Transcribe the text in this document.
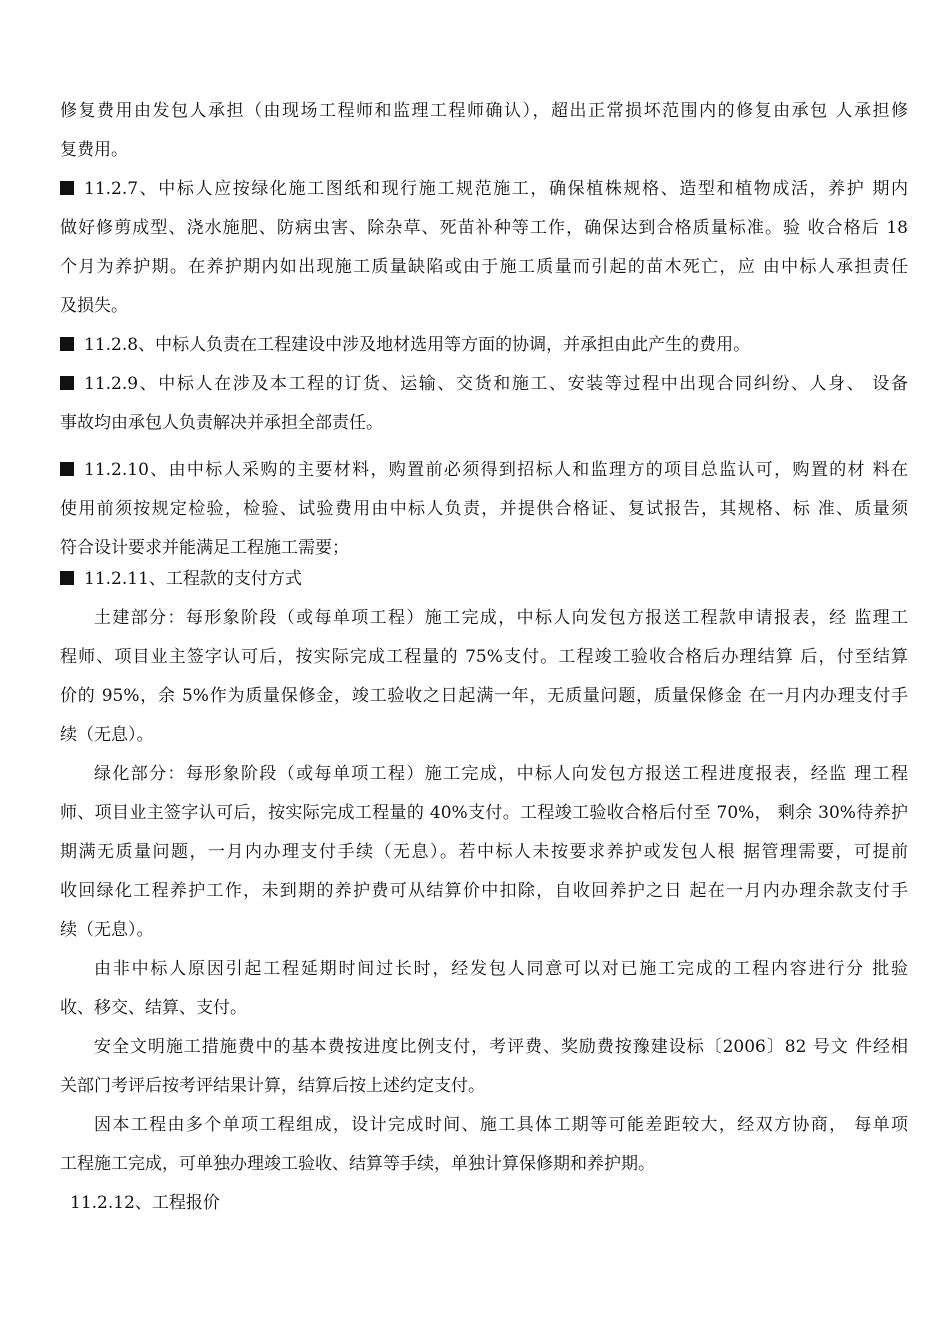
修复费用由发包人承担（由现场工程师和监理工程师确认），超出正常损坏范围内的修复由承包 人承担修
复费用。
11.2.7、中标人应按绿化施工图纸和现行施工规范施工，确保植株规格、造型和植物成活，养护 期内
做好修剪成型、浇水施肥、防病虫害、除杂草、死苗补种等工作，确保达到合格质量标准。验 收合格后 18
个月为养护期。在养护期内如出现施工质量缺陷或由于施工质量而引起的苗木死亡，应 由中标人承担责任
及损失。
11.2.8、中标人负责在工程建设中涉及地材选用等方面的协调，并承担由此产生的费用。
11.2.9、中标人在涉及本工程的订货、运输、交货和施工、安装等过程中出现合同纠纷、人身、 设备
事故均由承包人负责解决并承担全部责任。
11.2.10、由中标人采购的主要材料，购置前必须得到招标人和监理方的项目总监认可，购置的材 料在
使用前须按规定检验，检验、试验费用由中标人负责，并提供合格证、复试报告，其规格、标 准、质量须
符合设计要求并能满足工程施工需要；
11.2.11、工程款的支付方式
土建部分：每形象阶段（或每单项工程）施工完成，中标人向发包方报送工程款申请报表，经 监理工
程师、项目业主签字认可后，按实际完成工程量的 75%支付。工程竣工验收合格后办理结算 后，付至结算
价的 95%，余 5%作为质量保修金，竣工验收之日起满一年，无质量问题，质量保修金 在一月内办理支付手
续（无息）。
绿化部分：每形象阶段（或每单项工程）施工完成，中标人向发包方报送工程进度报表，经监 理工程
师、项目业主签字认可后，按实际完成工程量的 40%支付。工程竣工验收合格后付至 70%， 剩余 30%待养护
期满无质量问题，一月内办理支付手续（无息）。若中标人未按要求养护或发包人根 据管理需要，可提前
收回绿化工程养护工作，未到期的养护费可从结算价中扣除，自收回养护之日 起在一月内办理余款支付手
续（无息）。
由非中标人原因引起工程延期时间过长时，经发包人同意可以对已施工完成的工程内容进行分 批验
收、移交、结算、支付。
安全文明施工措施费中的基本费按进度比例支付，考评费、奖励费按豫建设标〔2006〕82 号文 件经相
关部门考评后按考评结果计算，结算后按上述约定支付。
因本工程由多个单项工程组成，设计完成时间、施工具体工期等可能差距较大，经双方协商， 每单项
工程施工完成，可单独办理竣工验收、结算等手续，单独计算保修期和养护期。
11.2.12、工程报价
